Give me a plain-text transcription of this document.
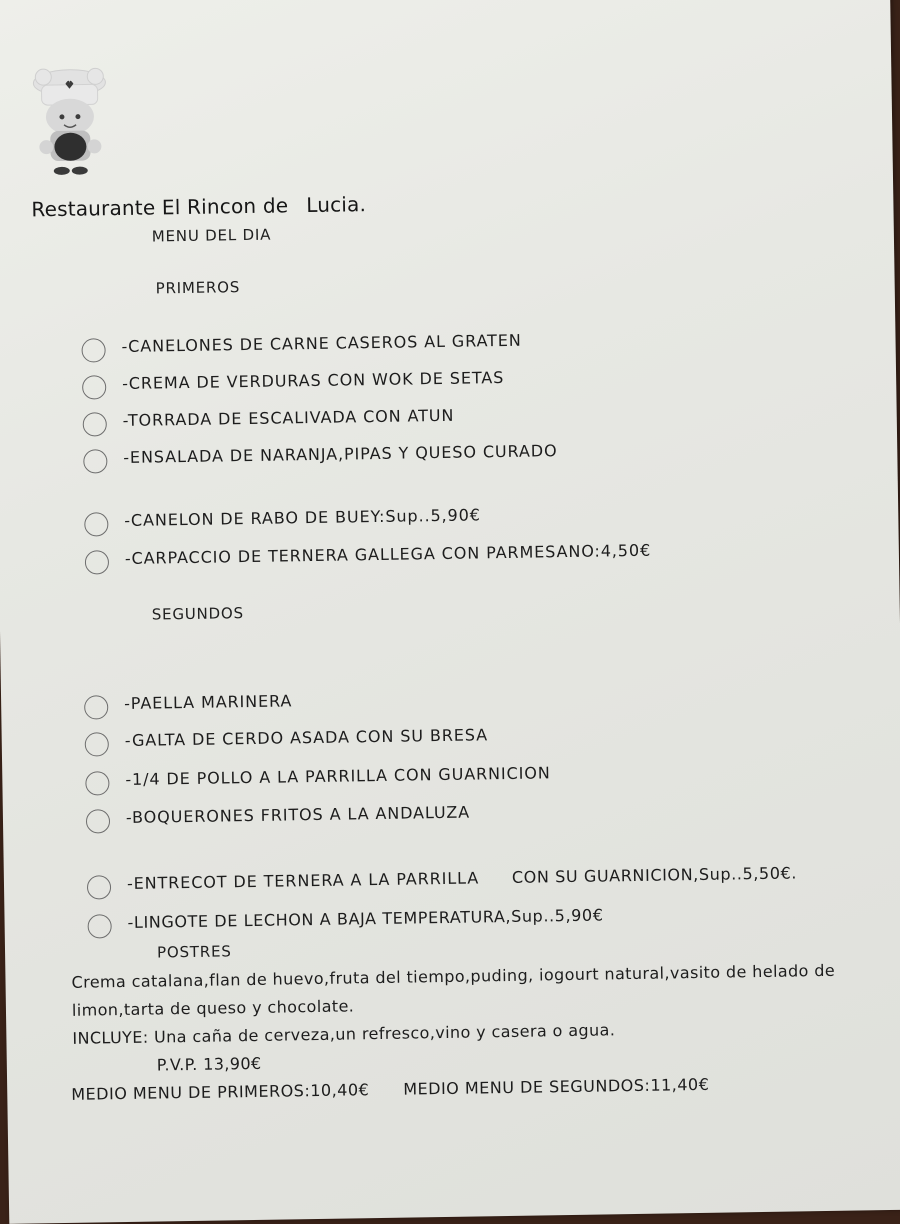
Restaurante El Rincon de Lucia.
MENU DEL DIA
PRIMEROS
-CANELONES DE CARNE CASEROS AL GRATEN
-CREMA DE VERDURAS CON WOK DE SETAS
-TORRADA DE ESCALIVADA CON ATUN
-ENSALADA DE NARANJA,PIPAS Y QUESO CURADO
-CANELON DE RABO DE BUEY:Sup..5,90€
-CARPACCIO DE TERNERA GALLEGA CON PARMESANO:4,50€
SEGUNDOS
-PAELLA MARINERA
-GALTA DE CERDO ASADA CON SU BRESA
-1/4 DE POLLO A LA PARRILLA CON GUARNICION
-BOQUERONES FRITOS A LA ANDALUZA
-ENTRECOT DE TERNERA A LA PARRILLA CON SU GUARNICION,Sup..5,50€.
-LINGOTE DE LECHON A BAJA TEMPERATURA,Sup..5,90€
POSTRES
Crema catalana,flan de huevo,fruta del tiempo,puding, iogourt natural,vasito de helado de
limon,tarta de queso y chocolate.
INCLUYE: Una caña de cerveza,un refresco,vino y casera o agua.
P.V.P. 13,90€
MEDIO MENU DE PRIMEROS:10,40€ MEDIO MENU DE SEGUNDOS:11,40€
